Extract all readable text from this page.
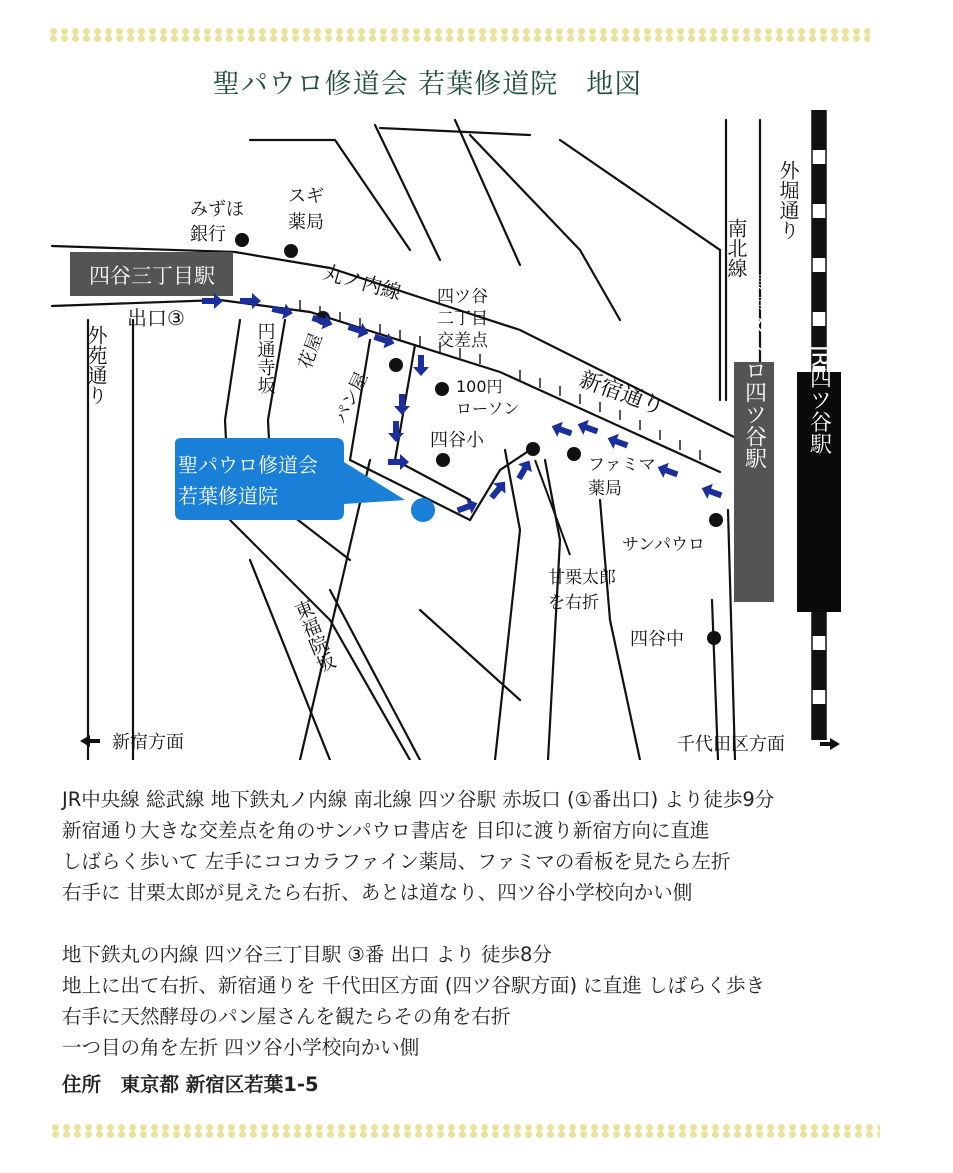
聖パウロ修道会 若葉修道院　地図
四谷三丁目駅	東京メトロ四ツ谷駅 JR四ツ谷駅
外苑通り
外堀通り
南北線
円通寺坂
東福院坂
丸ノ内線
新宿通り
花屋
パン屋
みずほ 銀行
スギ 薬局
四ツ谷 二丁目 交差点
100円 ローソン
四谷小
ファミマ 薬局
サンパウロ
四谷中
甘栗太郎 を右折
出口③
聖パウロ修道会 若葉修道院
新宿方面	千代田区方面
JR中央線 総武線 地下鉄丸ノ内線 南北線 四ツ谷駅 赤坂口 (①番出口) より徒歩9分
新宿通り大きな交差点を角のサンパウロ書店を 目印に渡り新宿方向に直進
しばらく歩いて 左手にココカラファイン薬局、ファミマの看板を見たら左折
右手に 甘栗太郎が見えたら右折、あとは道なり、四ツ谷小学校向かい側
地下鉄丸の内線 四ツ谷三丁目駅 ③番 出口 より 徒歩8分
地上に出て右折、新宿通りを 千代田区方面 (四ツ谷駅方面) に直進 しばらく歩き
右手に天然酵母のパン屋さんを観たらその角を右折
一つ目の角を左折 四ツ谷小学校向かい側
住所　東京都 新宿区若葉1-5
